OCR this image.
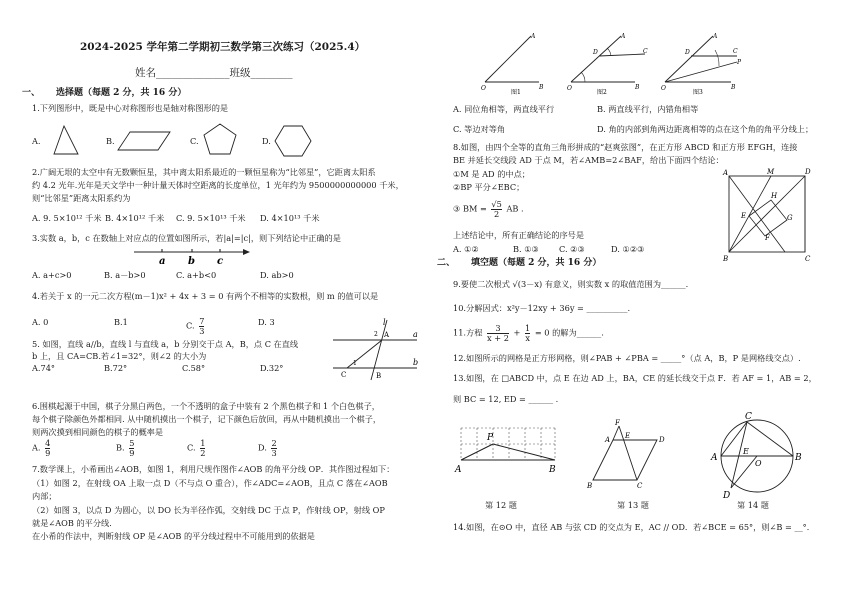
2024-2025 学年第二学期初三数学第三次练习（2025.4）
姓名______________班级________
一、 选择题（每题 2 分，共 16 分）
1.下列图形中，既是中心对称图形也是轴对称图形的是
A.	B.	C.	D.
2.广阔无垠的太空中有无数颗恒星，其中离太阳系最近的一颗恒星称为“比邻星”，它距离太阳系
约 4.2 光年.光年是天文学中一种计量天体时空距离的长度单位，1 光年约为 9500000000000 千米，
则“比邻星”距离太阳系约为
A. 9. 5×10¹² 千米 B. 4×10¹² 千米 C. 9. 5×10¹³ 千米 D. 4×10¹³ 千米
3.实数 a，b，c 在数轴上对应点的位置如图所示，若|a|=|c|，则下列结论中正确的是
a b c
A. a+c>0	B. a－b>0	C. a+b<0	D. ab>0
4.若关于 x 的一元二次方程(m－1)x² + 4x + 3 = 0 有两个不相等的实数根，则 m 的值可以是
A. 0	B.1	C. $\frac{7}{3}$	D. 3
5. 如图，直线 a//b，直线 l 与直线 a，b 分别交于点 A，B，点 C 在直线
b 上，且 CA=CB.若∠1=32°，则∠2 的大小为
A.74°	B.72°	C.58°	D.32°
l
a
b
A
B
C
2
1
6.围棋起源于中国，棋子分黑白两色，一个不透明的盒子中装有 2 个黑色棋子和 1 个白色棋子，
每个棋子除颜色外都相同. 从中随机摸出一个棋子，记下颜色后放回，再从中随机摸出一个棋子，
则两次摸到相同颜色的棋子的概率是
A. $\frac{4}{9}$	B. $\frac{5}{9}$	C. $\frac{1}{2}$	D. $\frac{2}{3}$
7.数学课上，小希画出∠AOB，如图 1，利用尺规作图作∠AOB 的角平分线 OP．其作图过程如下：
（1）如图 2，在射线 OA 上取一点 D（不与点 O 重合），作∠ADC=∠AOB，且点 C 落在∠AOB
内部；
（2）如图 3，以点 D 为圆心，以 DO 长为半径作弧，交射线 DC 于点 P，作射线 OP，射线 OP
就是∠AOB 的平分线．
在小希的作法中，判断射线 OP 是∠AOB 的平分线过程中不可能用到的依据是
O	B
A
图1
O	B
A
D	C
图2
O	B
A
D	C
P
图3
A. 同位角相等，两直线平行	B. 两直线平行，内错角相等
C. 等边对等角	D. 角的内部到角两边距离相等的点在这个角的角平分线上；
8.如图，由四个全等的直角三角形拼成的“赵爽弦图”，在正方形 ABCD 和正方形 EFGH，连接
BE 并延长交线段 AD 于点 M，若∠AMB=2∠BAF，给出下面四个结论：
①M 是 AD 的中点；
②BP 平分∠EBC；
③ BM = $\frac{√5}{2}$ AB .
上述结论中，所有正确结论的序号是
A. ①②	B. ①③ C. ②③	D. ①②③
A	M	D
E
H
G
F
B	C
二、 填空题（每题 2 分，共 16 分）
9.要使二次根式 √(3－x) 有意义，则实数 x 的取值范围为______.
10.分解因式：x²y－12xy + 36y = __________.
11.方程 $\frac{3}{x + 2} + \frac{1}{x} = 0$ 的解为______.
12.如图所示的网格是正方形网格，则∠PAB + ∠PBA = _____°（点 A，B，P 是网格线交点）.
13.如图，在 □ABCD 中，点 E 在边 AD 上，BA，CE 的延长线交于点 F．若 AF = 1，AB = 2，
则 BC = 12, ED = ______ .
P
A	B
第 12 题
F
A E	D
B	C
第 13 题
C
A
E
O
B
D
第 14 题
14.如图，在⊙O 中，直径 AB 与弦 CD 的交点为 E，AC // OD．若∠BCE = 65°，则∠B = __°．
